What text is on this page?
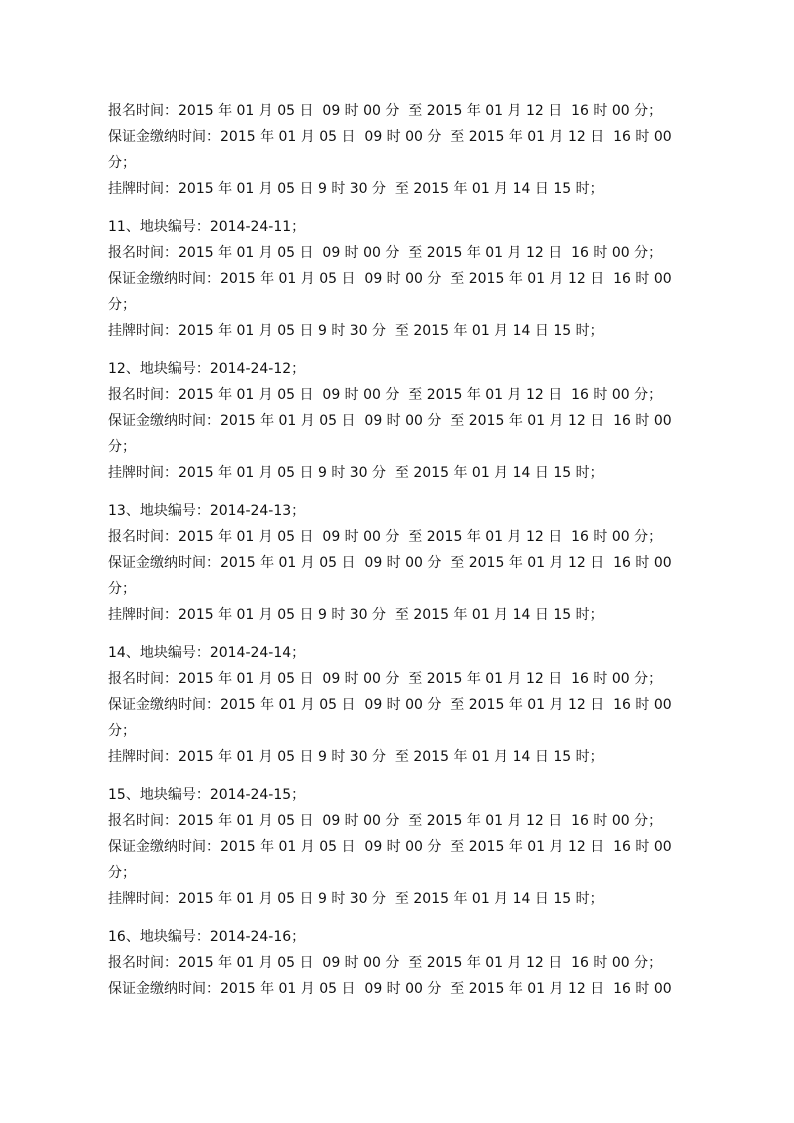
报名时间：2015 年 01 月 05 日  09 时 00 分  至 2015 年 01 月 12 日  16 时 00 分；
保证金缴纳时间：2015 年 01 月 05 日  09 时 00 分  至 2015 年 01 月 12 日  16 时 00
分；
挂牌时间：2015 年 01 月 05 日 9 时 30 分  至 2015 年 01 月 14 日 15 时；
11、地块编号：2014-24-11；
报名时间：2015 年 01 月 05 日  09 时 00 分  至 2015 年 01 月 12 日  16 时 00 分；
保证金缴纳时间：2015 年 01 月 05 日  09 时 00 分  至 2015 年 01 月 12 日  16 时 00
分；
挂牌时间：2015 年 01 月 05 日 9 时 30 分  至 2015 年 01 月 14 日 15 时；
12、地块编号：2014-24-12；
报名时间：2015 年 01 月 05 日  09 时 00 分  至 2015 年 01 月 12 日  16 时 00 分；
保证金缴纳时间：2015 年 01 月 05 日  09 时 00 分  至 2015 年 01 月 12 日  16 时 00
分；
挂牌时间：2015 年 01 月 05 日 9 时 30 分  至 2015 年 01 月 14 日 15 时；
13、地块编号：2014-24-13；
报名时间：2015 年 01 月 05 日  09 时 00 分  至 2015 年 01 月 12 日  16 时 00 分；
保证金缴纳时间：2015 年 01 月 05 日  09 时 00 分  至 2015 年 01 月 12 日  16 时 00
分；
挂牌时间：2015 年 01 月 05 日 9 时 30 分  至 2015 年 01 月 14 日 15 时；
14、地块编号：2014-24-14；
报名时间：2015 年 01 月 05 日  09 时 00 分  至 2015 年 01 月 12 日  16 时 00 分；
保证金缴纳时间：2015 年 01 月 05 日  09 时 00 分  至 2015 年 01 月 12 日  16 时 00
分；
挂牌时间：2015 年 01 月 05 日 9 时 30 分  至 2015 年 01 月 14 日 15 时；
15、地块编号：2014-24-15；
报名时间：2015 年 01 月 05 日  09 时 00 分  至 2015 年 01 月 12 日  16 时 00 分；
保证金缴纳时间：2015 年 01 月 05 日  09 时 00 分  至 2015 年 01 月 12 日  16 时 00
分；
挂牌时间：2015 年 01 月 05 日 9 时 30 分  至 2015 年 01 月 14 日 15 时；
16、地块编号：2014-24-16；
报名时间：2015 年 01 月 05 日  09 时 00 分  至 2015 年 01 月 12 日  16 时 00 分；
保证金缴纳时间：2015 年 01 月 05 日  09 时 00 分  至 2015 年 01 月 12 日  16 时 00
